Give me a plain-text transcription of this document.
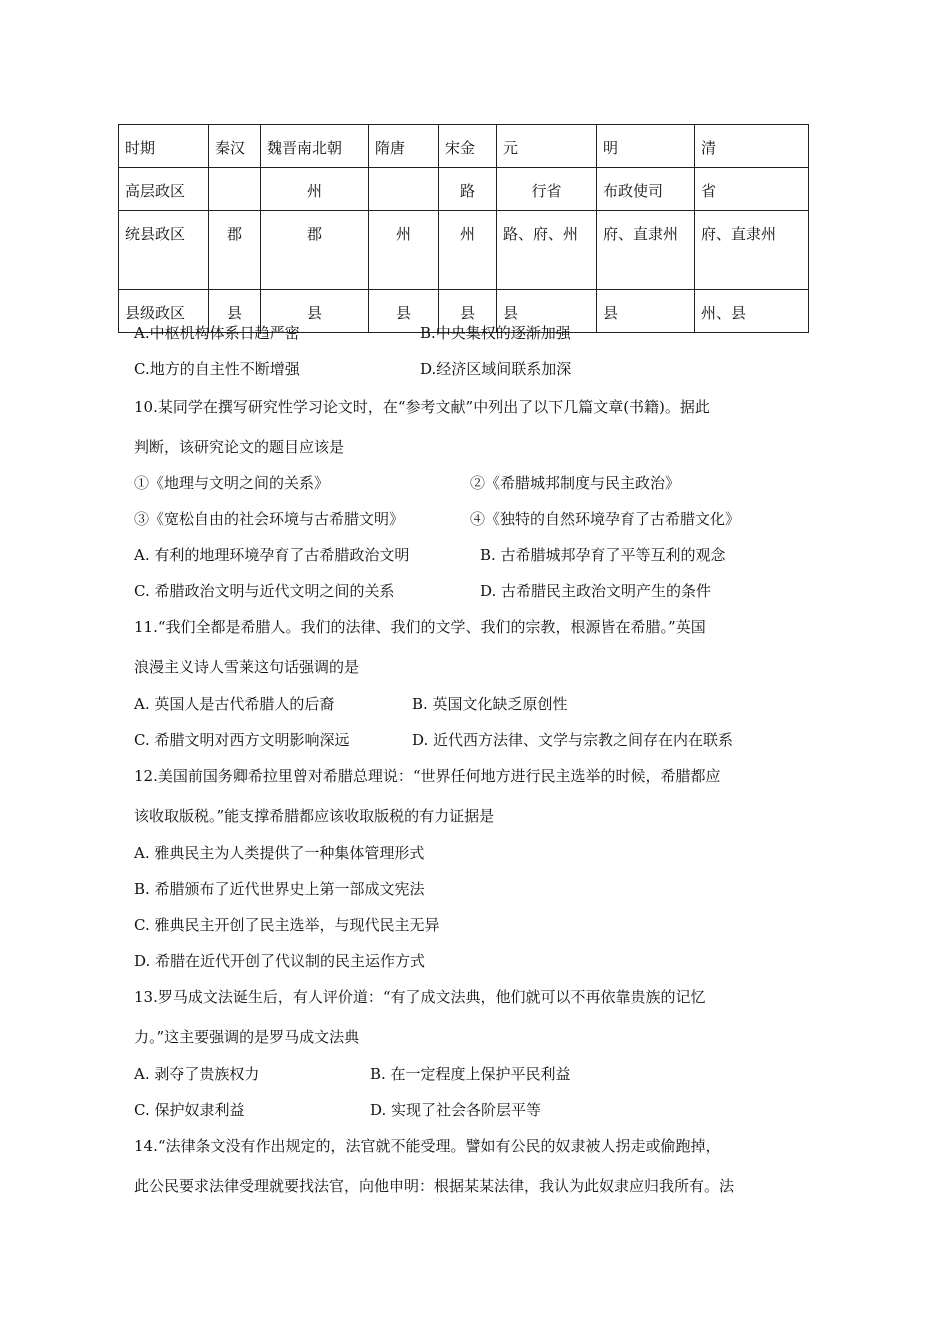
时期	秦汉	魏晋南北朝	隋唐	宋金	元	明	清
高层政区		州		路	行省	布政使司	省
统县政区	郡	郡	州	州	路、府、州	府、直隶州	府、直隶州
县级政区	县	县	县	县	县	县	州、县
A.中枢机构体系日趋严密	B.中央集权的逐渐加强
C.地方的自主性不断增强	D.经济区域间联系加深
10.某同学在撰写研究性学习论文时，在“参考文献”中列出了以下几篇文章(书籍)。据此
判断，该研究论文的题目应该是
①《地理与文明之间的关系》	②《希腊城邦制度与民主政治》
③《宽松自由的社会环境与古希腊文明》	④《独特的自然环境孕育了古希腊文化》
A. 有利的地理环境孕育了古希腊政治文明	B. 古希腊城邦孕育了平等互利的观念
C. 希腊政治文明与近代文明之间的关系	D. 古希腊民主政治文明产生的条件
11.“我们全都是希腊人。我们的法律、我们的文学、我们的宗教，根源皆在希腊。”英国
浪漫主义诗人雪莱这句话强调的是
A. 英国人是古代希腊人的后裔	B. 英国文化缺乏原创性
C. 希腊文明对西方文明影响深远	D. 近代西方法律、文学与宗教之间存在内在联系
12.美国前国务卿希拉里曾对希腊总理说：“世界任何地方进行民主选举的时候，希腊都应
该收取版税。”能支撑希腊都应该收取版税的有力证据是
A. 雅典民主为人类提供了一种集体管理形式
B. 希腊颁布了近代世界史上第一部成文宪法
C. 雅典民主开创了民主选举，与现代民主无异
D. 希腊在近代开创了代议制的民主运作方式
13.罗马成文法诞生后，有人评价道：“有了成文法典，他们就可以不再依靠贵族的记忆
力。”这主要强调的是罗马成文法典
A. 剥夺了贵族权力	B. 在一定程度上保护平民利益
C. 保护奴隶利益	D. 实现了社会各阶层平等
14.“法律条文没有作出规定的，法官就不能受理。譬如有公民的奴隶被人拐走或偷跑掉，
此公民要求法律受理就要找法官，向他申明：根据某某法律，我认为此奴隶应归我所有。法
